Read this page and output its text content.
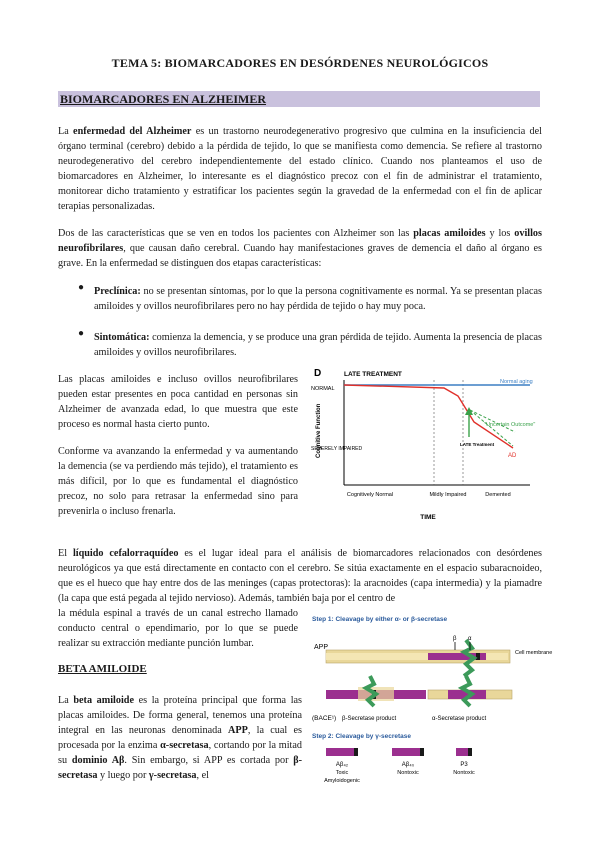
TEMA 5: BIOMARCADORES EN DESÓRDENES NEUROLÓGICOS
BIOMARCADORES EN ALZHEIMER

La enfermedad del Alzheimer es un trastorno neurodegenerativo progresivo que culmina en la insuficiencia del órgano terminal (cerebro) debido a la pérdida de tejido, lo que se manifiesta como demencia. Se refiere al trastorno neurodegenerativo del cerebro independientemente del estado clínico. Cuando nos planteamos el uso de biomarcadores en Alzheimer, lo interesante es el diagnóstico precoz con el fin de administrar el tratamiento, monitorear dicho tratamiento y estratificar los pacientes según la gravedad de la enfermedad con el fin de aplicar terapias personalizadas.

Dos de las características que se ven en todos los pacientes con Alzheimer son las placas amiloides y los ovillos neurofibrilares, que causan daño cerebral. Cuando hay manifestaciones graves de demencia el daño al órgano es grave. En la enfermedad se distinguen dos etapas características:

● Preclínica: no se presentan síntomas, por lo que la persona cognitivamente es normal. Ya se presentan placas amiloides y ovillos neurofibrilares pero no hay pérdida de tejido o hay muy poca.

● Sintomática: comienza la demencia, y se produce una gran pérdida de tejido. Aumenta la presencia de placas amiloides y ovillos neurofibrilares.

Las placas amiloides e incluso ovillos neurofibrilares pueden estar presentes en poca cantidad en personas sin Alzheimer de avanzada edad, lo que muestra que este proceso es normal hasta cierto punto.

Conforme va avanzando la enfermedad y va aumentando la demencia (se va perdiendo más tejido), el tratamiento es más difícil, por lo que es fundamental el diagnóstico precoz, no solo para retrasar la enfermedad sino para prevenirla o incluso frenarla.

D	LATE TREATMENT
Cognitive Function
NORMAL
SEVERELY IMPAIRED
Normal aging
AD
"Uncertain Outcome"
LATE Treatment
Cognitively Normal	Mildly Impaired	Demented
TIME

El líquido cefalorraquídeo es el lugar ideal para el análisis de biomarcadores relacionados con desórdenes neurológicos ya que está directamente en contacto con el cerebro. Se sitúa exactamente en el espacio subaracnoideo, que es el hueco que hay entre dos de las meninges (capas protectoras): la aracnoides (capa intermedia) y la piamadre (la capa que está pegada al tejido nervioso). Además, también baja por el centro de

la médula espinal a través de un canal estrecho llamado conducto central o ependimario, por lo que se puede realizar su extracción mediante punción lumbar.

Step 1: Cleavage by either α- or β-secretase
APP
β α
Cell membrane
(BACE¹) β-Secretase product	α-Secretase product
Step 2: Cleavage by γ-secretase
Aβ₄₂	Aβ₄₀	P3
Toxic
Amyloidogenic
Nontoxic	Nontoxic
BETA AMILOIDE

La beta amiloide es la proteína principal que forma las placas amiloides. De forma general, tenemos una proteína integral en las neuronas denominada APP, la cual es procesada por la enzima α-secretasa, cortando por la mitad su dominio Aβ. Sin embargo, si APP es cortada por β-secretasa y luego por γ-secretasa, el
